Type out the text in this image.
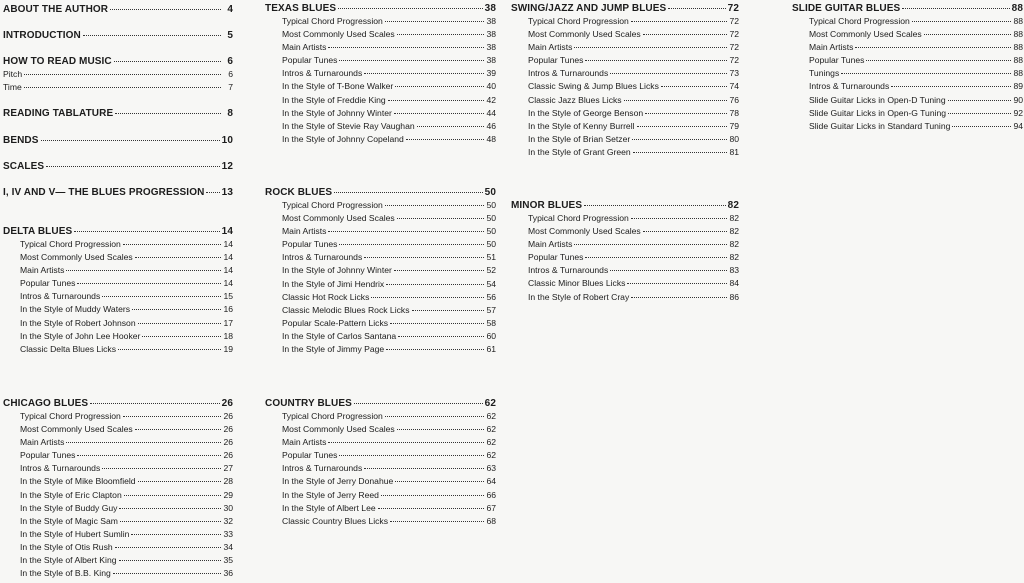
ABOUT THE AUTHOR	4
INTRODUCTION	5
HOW TO READ MUSIC	6
Pitch	6
Time	7
READING TABLATURE	8
BENDS	10
SCALES	12
I, IV AND V— THE BLUES PROGRESSION 13
DELTA BLUES	14
Typical Chord Progression	14
Most Commonly Used Scales	14
Main Artists	14
Popular Tunes	14
Intros & Turnarounds	15
In the Style of Muddy Waters	16
In the Style of Robert Johnson	17
In the Style of John Lee Hooker	18
Classic Delta Blues Licks	19
CHICAGO BLUES	26
Typical Chord Progression	26
Most Commonly Used Scales	26
Main Artists	26
Popular Tunes	26
Intros & Turnarounds	27
In the Style of Mike Bloomfield	28
In the Style of Eric Clapton	29
In the Style of Buddy Guy	30
In the Style of Magic Sam	32
In the Style of Hubert Sumlin	33
In the Style of Otis Rush	34
In the Style of Albert King	35
In the Style of B.B. King	36
TEXAS BLUES	38
Typical Chord Progression	38
Most Commonly Used Scales	38
Main Artists	38
Popular Tunes	38
Intros & Turnarounds	39
In the Style of T-Bone Walker	40
In the Style of Freddie King	42
In the Style of Johnny Winter	44
In the Style of Stevie Ray Vaughan	46
In the Style of Johnny Copeland	48
ROCK BLUES	50
Typical Chord Progression	50
Most Commonly Used Scales	50
Main Artists	50
Popular Tunes	50
Intros & Turnarounds	51
In the Style of Johnny Winter	52
In the Style of Jimi Hendrix	54
Classic Hot Rock Licks	56
Classic Melodic Blues Rock Licks	57
Popular Scale-Pattern Licks	58
In the Style of Carlos Santana	60
In the Style of Jimmy Page	61
COUNTRY BLUES	62
Typical Chord Progression	62
Most Commonly Used Scales	62
Main Artists	62
Popular Tunes	62
Intros & Turnarounds	63
In the Style of Jerry Donahue	64
In the Style of Jerry Reed	66
In the Style of Albert Lee	67
Classic Country Blues Licks	68
SWING/JAZZ AND JUMP BLUES	72
Typical Chord Progression	72
Most Commonly Used Scales	72
Main Artists	72
Popular Tunes	72
Intros & Turnarounds	73
Classic Swing & Jump Blues Licks	74
Classic Jazz Blues Licks	76
In the Style of George Benson	78
In the Style of Kenny Burrell	79
In the Style of Brian Setzer	80
In the Style of Grant Green	81
MINOR BLUES	82
Typical Chord Progression	82
Most Commonly Used Scales	82
Main Artists	82
Popular Tunes	82
Intros & Turnarounds	83
Classic Minor Blues Licks	84
In the Style of Robert Cray	86
SLIDE GUITAR BLUES	88
Typical Chord Progression	88
Most Commonly Used Scales	88
Main Artists	88
Popular Tunes	88
Tunings	88
Intros & Turnarounds	89
Slide Guitar Licks in Open-D Tuning	90
Slide Guitar Licks in Open-G Tuning	92
Slide Guitar Licks in Standard Tuning	94
